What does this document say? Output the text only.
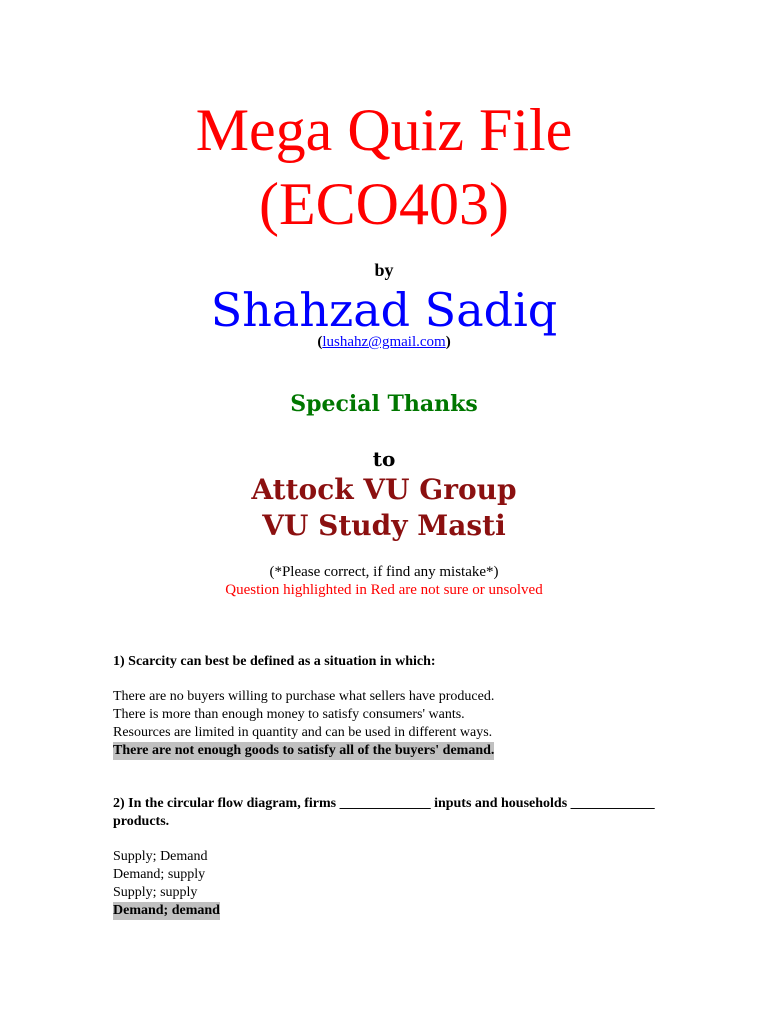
Mega Quiz File
(ECO403)
by
Shahzad Sadiq
(lushahz@gmail.com)
Special Thanks
to
Attock VU Group
VU Study Masti
(*Please correct, if find any mistake*)
Question highlighted in Red are not sure or unsolved

1) Scarcity can best be defined as a situation in which:

There are no buyers willing to purchase what sellers have produced.

There is more than enough money to satisfy consumers' wants.

Resources are limited in quantity and can be used in different ways.

There are not enough goods to satisfy all of the buyers' demand.

2) In the circular flow diagram, firms _____________ inputs and households ____________ products.

Supply; Demand

Demand; supply

Supply; supply

Demand; demand
